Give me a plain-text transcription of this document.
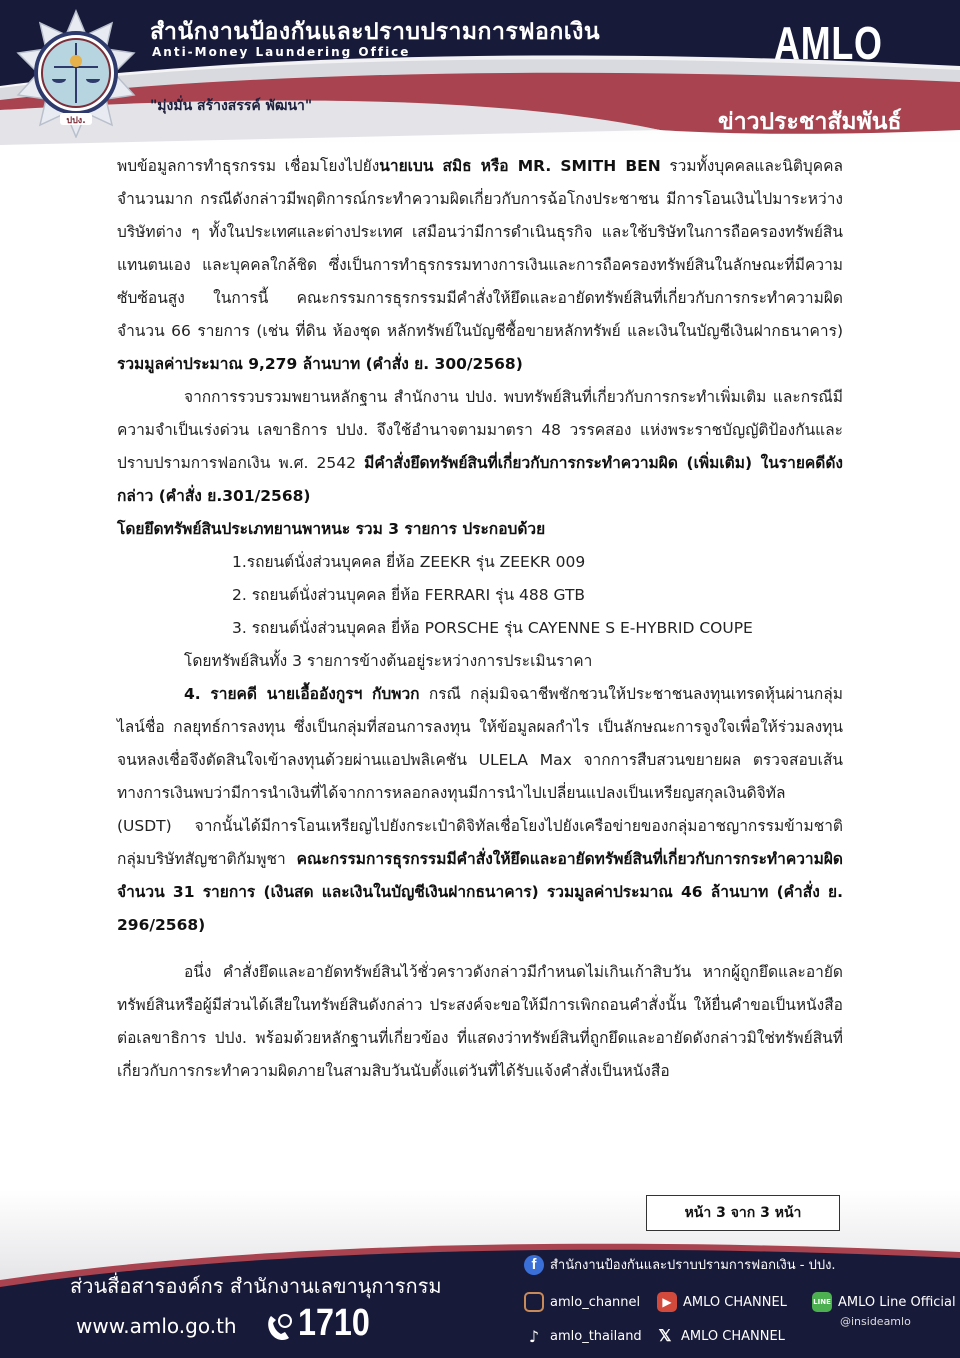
ปปง.
สำนักงานป้องกันและปราบปรามการฟอกเงิน
Anti-Money Laundering Office	AMLO
"มุ่งมั่น สร้างสรรค์ พัฒนา"
ข่าวประชาสัมพันธ์

พบข้อมูลการทำธุรกรรม เชื่อมโยงไปยังนายเบน สมิธ หรือ MR. SMITH BEN รวมทั้งบุคคลและนิติบุคคลจำนวนมาก กรณีดังกล่าวมีพฤติการณ์กระทำความผิดเกี่ยวกับการฉ้อโกงประชาชน มีการโอนเงินไปมาระหว่างบริษัทต่าง ๆ ทั้งในประเทศและต่างประเทศ เสมือนว่ามีการดำเนินธุรกิจ และใช้บริษัทในการถือครองทรัพย์สินแทนตนเอง และบุคคลใกล้ชิด ซึ่งเป็นการทำธุรกรรมทางการเงินและการถือครองทรัพย์สินในลักษณะที่มีความซับซ้อนสูง ในการนี้ คณะกรรมการธุรกรรมมีคำสั่งให้ยึดและอายัดทรัพย์สินที่เกี่ยวกับการกระทำความผิด จำนวน 66 รายการ (เช่น ที่ดิน ห้องชุด หลักทรัพย์ในบัญชีซื้อขายหลักทรัพย์ และเงินในบัญชีเงินฝากธนาคาร) รวมมูลค่าประมาณ 9,279 ล้านบาท (คำสั่ง ย. 300/2568)

จากการรวบรวมพยานหลักฐาน สำนักงาน ปปง. พบทรัพย์สินที่เกี่ยวกับการกระทำเพิ่มเติม และกรณีมีความจำเป็นเร่งด่วน เลขาธิการ ปปง. จึงใช้อำนาจตามมาตรา 48 วรรคสอง แห่งพระราชบัญญัติป้องกันและปราบปรามการฟอกเงิน พ.ศ. 2542 มีคำสั่งยึดทรัพย์สินที่เกี่ยวกับการกระทำความผิด (เพิ่มเติม) ในรายคดีดังกล่าว (คำสั่ง ย.301/2568)

โดยยึดทรัพย์สินประเภทยานพาหนะ รวม 3 รายการ ประกอบด้วย

1.รถยนต์นั่งส่วนบุคคล ยี่ห้อ ZEEKR รุ่น ZEEKR 009

2. รถยนต์นั่งส่วนบุคคล ยี่ห้อ FERRARI รุ่น 488 GTB

3. รถยนต์นั่งส่วนบุคคล ยี่ห้อ PORSCHE รุ่น CAYENNE S E-HYBRID COUPE

โดยทรัพย์สินทั้ง 3 รายการข้างต้นอยู่ระหว่างการประเมินราคา

4. รายคดี นายเอื้ออังกูรฯ กับพวก กรณี กลุ่มมิจฉาชีพชักชวนให้ประชาชนลงทุนเทรดหุ้นผ่านกลุ่มไลน์ชื่อ กลยุทธ์การลงทุน ซึ่งเป็นกลุ่มที่สอนการลงทุน ให้ข้อมูลผลกำไร เป็นลักษณะการจูงใจเพื่อให้ร่วมลงทุนจนหลงเชื่อจึงตัดสินใจเข้าลงทุนด้วยผ่านแอปพลิเคชัน ULELA Max จากการสืบสวนขยายผล ตรวจสอบเส้นทางการเงินพบว่ามีการนำเงินที่ได้จากการหลอกลงทุนมีการนำไปเปลี่ยนแปลงเป็นเหรียญสกุลเงินดิจิทัล (USDT) จากนั้นได้มีการโอนเหรียญไปยังกระเป๋าดิจิทัลเชื่อโยงไปยังเครือข่ายของกลุ่มอาชญากรรมข้ามชาติ กลุ่มบริษัทสัญชาติกัมพูชา คณะกรรมการธุรกรรมมีคำสั่งให้ยึดและอายัดทรัพย์สินที่เกี่ยวกับการกระทำความผิด จำนวน 31 รายการ (เงินสด และเงินในบัญชีเงินฝากธนาคาร) รวมมูลค่าประมาณ 46 ล้านบาท (คำสั่ง ย. 296/2568)

อนึ่ง คำสั่งยึดและอายัดทรัพย์สินไว้ชั่วคราวดังกล่าวมีกำหนดไม่เกินเก้าสิบวัน หากผู้ถูกยึดและอายัดทรัพย์สินหรือผู้มีส่วนได้เสียในทรัพย์สินดังกล่าว ประสงค์จะขอให้มีการเพิกถอนคำสั่งนั้น ให้ยื่นคำขอเป็นหนังสือต่อเลขาธิการ ปปง. พร้อมด้วยหลักฐานที่เกี่ยวข้อง ที่แสดงว่าทรัพย์สินที่ถูกยึดและอายัดดังกล่าวมิใช่ทรัพย์สินที่เกี่ยวกับการกระทำความผิดภายในสามสิบวันนับตั้งแต่วันที่ได้รับแจ้งคำสั่งเป็นหนังสือ

หน้า 3 จาก 3 หน้า
ส่วนสื่อสารองค์กร สำนักงานเลขานุการกรม
www.amlo.go.th 1710
f	สำนักงานป้องกันและปราบปรามการฟอกเงิน - ปปง.
amlo_channel	▶ AMLO CHANNEL	LINE AMLO Line Official
@insideamlo
♪ amlo_thailand 𝕏 AMLO CHANNEL
